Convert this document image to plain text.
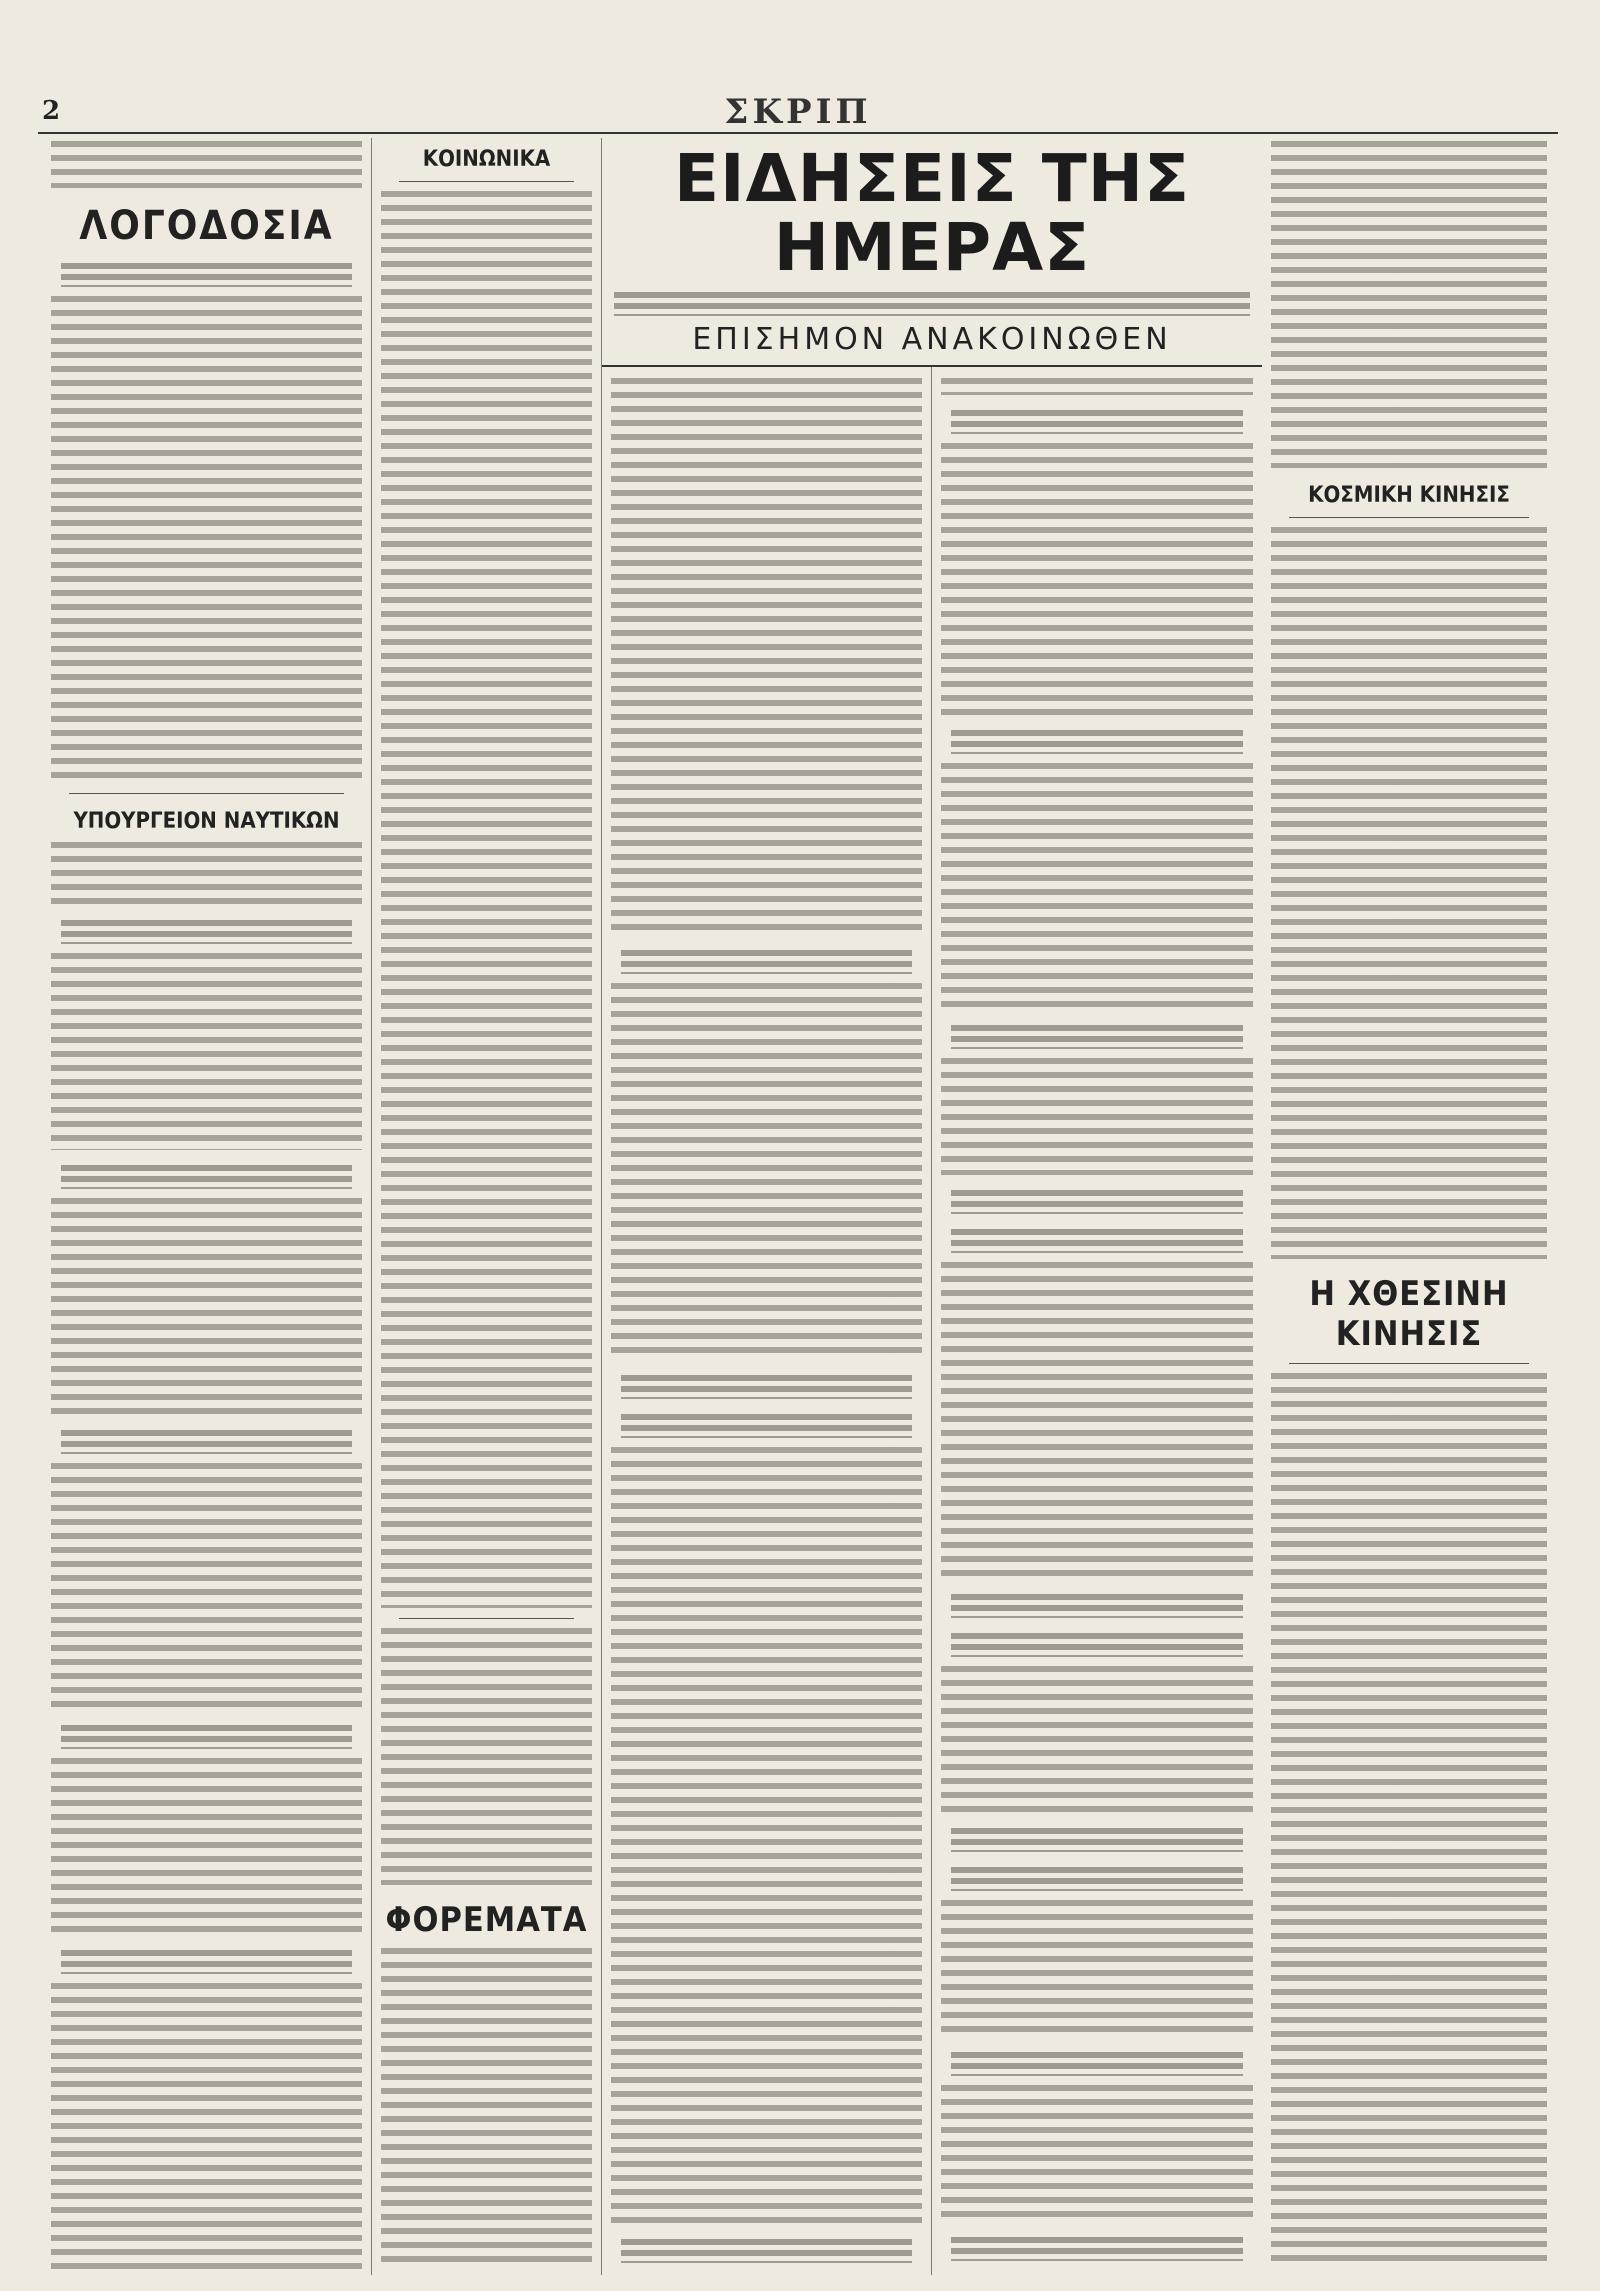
2	ΣΚΡΙΠ
ΛΟΓΟΔΟΣΙΑ
ΥΠΟΥΡΓΕΙΟΝ ΝΑΥΤΙΚΩΝ
ΚΟΙΝΩΝΙΚΑ
ΦΟΡΕΜΑΤΑ
ΕΙΔΗΣΕΙΣ ΤΗΣ ΗΜΕΡΑΣ
ΕΠΙΣΗΜΟΝ ΑΝΑΚΟΙΝΩΘΕΝ
ΚΟΣΜΙΚΗ ΚΙΝΗΣΙΣ
Η ΧΘΕΣΙΝΗ ΚΙΝΗΣΙΣ
